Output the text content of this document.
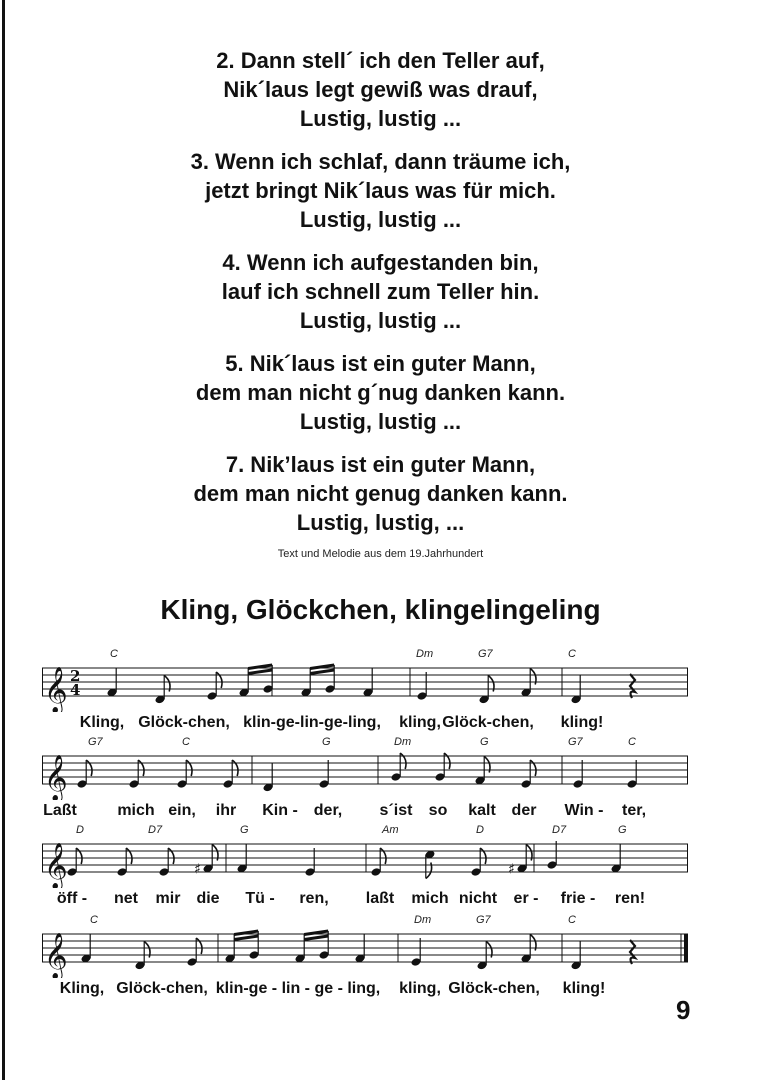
2. Dann stell´ ich den Teller auf,
Nik´laus legt gewiß was drauf,
Lustig, lustig ...
3. Wenn ich schlaf, dann träume ich,
jetzt bringt Nik´laus was für mich.
Lustig, lustig ...
4. Wenn ich aufgestanden bin,
lauf ich schnell zum Teller hin.
Lustig, lustig ...
5. Nik´laus ist ein guter Mann,
dem man nicht g´nug danken kann.
Lustig, lustig ...
7. Nik’laus ist ein guter Mann,
dem man nicht genug danken kann.
Lustig, lustig, ...
Text und Melodie aus dem 19.Jahrhundert
Kling, Glöckchen, klingelingeling
𝄞 2
4
C	Dm	G7	C
Kling, Glöck-chen, klin-ge-lin-ge-ling, kling, Glöck-chen, kling!
𝄞
G7	C	G	Dm	G	G7	C
Laßt	mich ein, ihr Kin - der, s´ist so kalt der Win - ter,
𝄞	♯	♯
D	D7	G	Am	D	D7	G
öff - net mir die Tü - ren, laßt mich nicht er - frie - ren!
𝄞
C	Dm	G7	C
Kling, Glöck-chen, klin-ge - lin - ge - ling, kling, Glöck-chen, kling!
9
